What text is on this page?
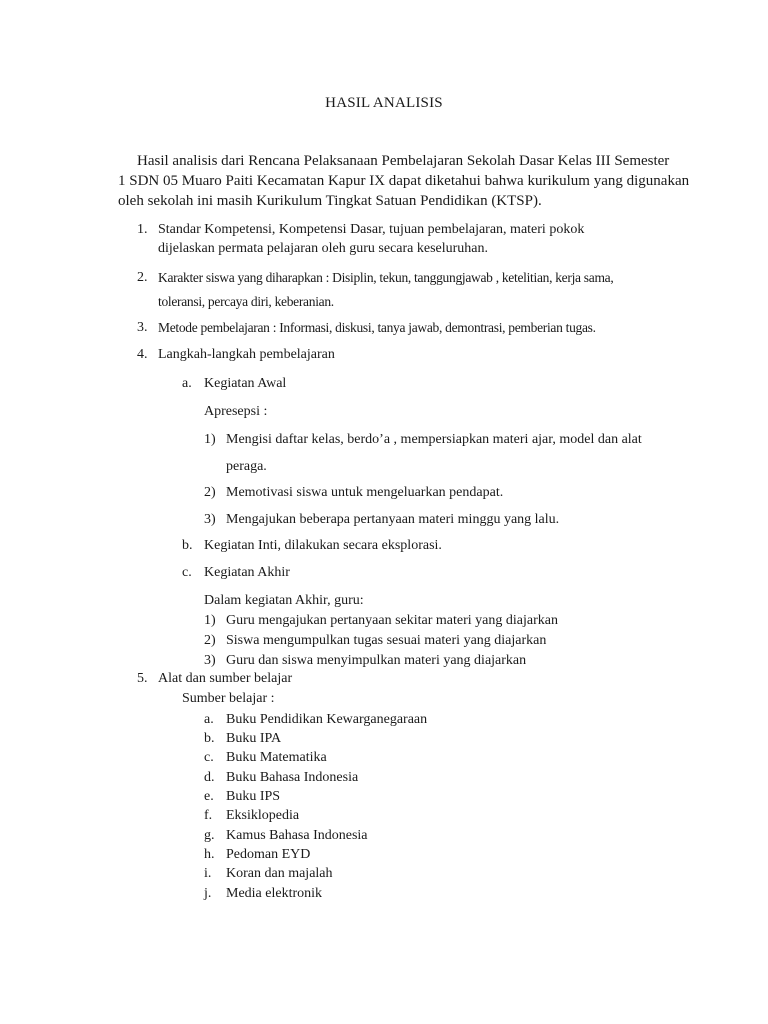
HASIL ANALISIS
Hasil analisis dari Rencana Pelaksanaan Pembelajaran Sekolah Dasar Kelas III Semester
1 SDN 05 Muaro Paiti Kecamatan Kapur IX dapat diketahui bahwa kurikulum yang digunakan
oleh sekolah ini masih Kurikulum Tingkat Satuan Pendidikan (KTSP).
1. Standar Kompetensi, Kompetensi Dasar, tujuan pembelajaran, materi pokok
dijelaskan permata pelajaran oleh guru secara keseluruhan.
2. Karakter siswa yang diharapkan : Disiplin, tekun, tanggungjawab , ketelitian, kerja sama,
toleransi, percaya diri, keberanian.
3. Metode pembelajaran : Informasi, diskusi, tanya jawab, demontrasi, pemberian tugas.
4. Langkah-langkah pembelajaran
a. Kegiatan Awal
Apresepsi :
1) Mengisi daftar kelas, berdo’a , mempersiapkan materi ajar, model dan alat
peraga.
2) Memotivasi siswa untuk mengeluarkan pendapat.
3) Mengajukan beberapa pertanyaan materi minggu yang lalu.
b. Kegiatan Inti, dilakukan secara eksplorasi.
c. Kegiatan Akhir
Dalam kegiatan Akhir, guru:
1) Guru mengajukan pertanyaan sekitar materi yang diajarkan
2) Siswa mengumpulkan tugas sesuai materi yang diajarkan
3) Guru dan siswa menyimpulkan materi yang diajarkan
5. Alat dan sumber belajar
Sumber belajar :
a. Buku Pendidikan Kewarganegaraan
b. Buku IPA
c. Buku Matematika
d. Buku Bahasa Indonesia
e. Buku IPS
f. Eksiklopedia
g. Kamus Bahasa Indonesia
h. Pedoman EYD
i. Koran dan majalah
j. Media elektronik
